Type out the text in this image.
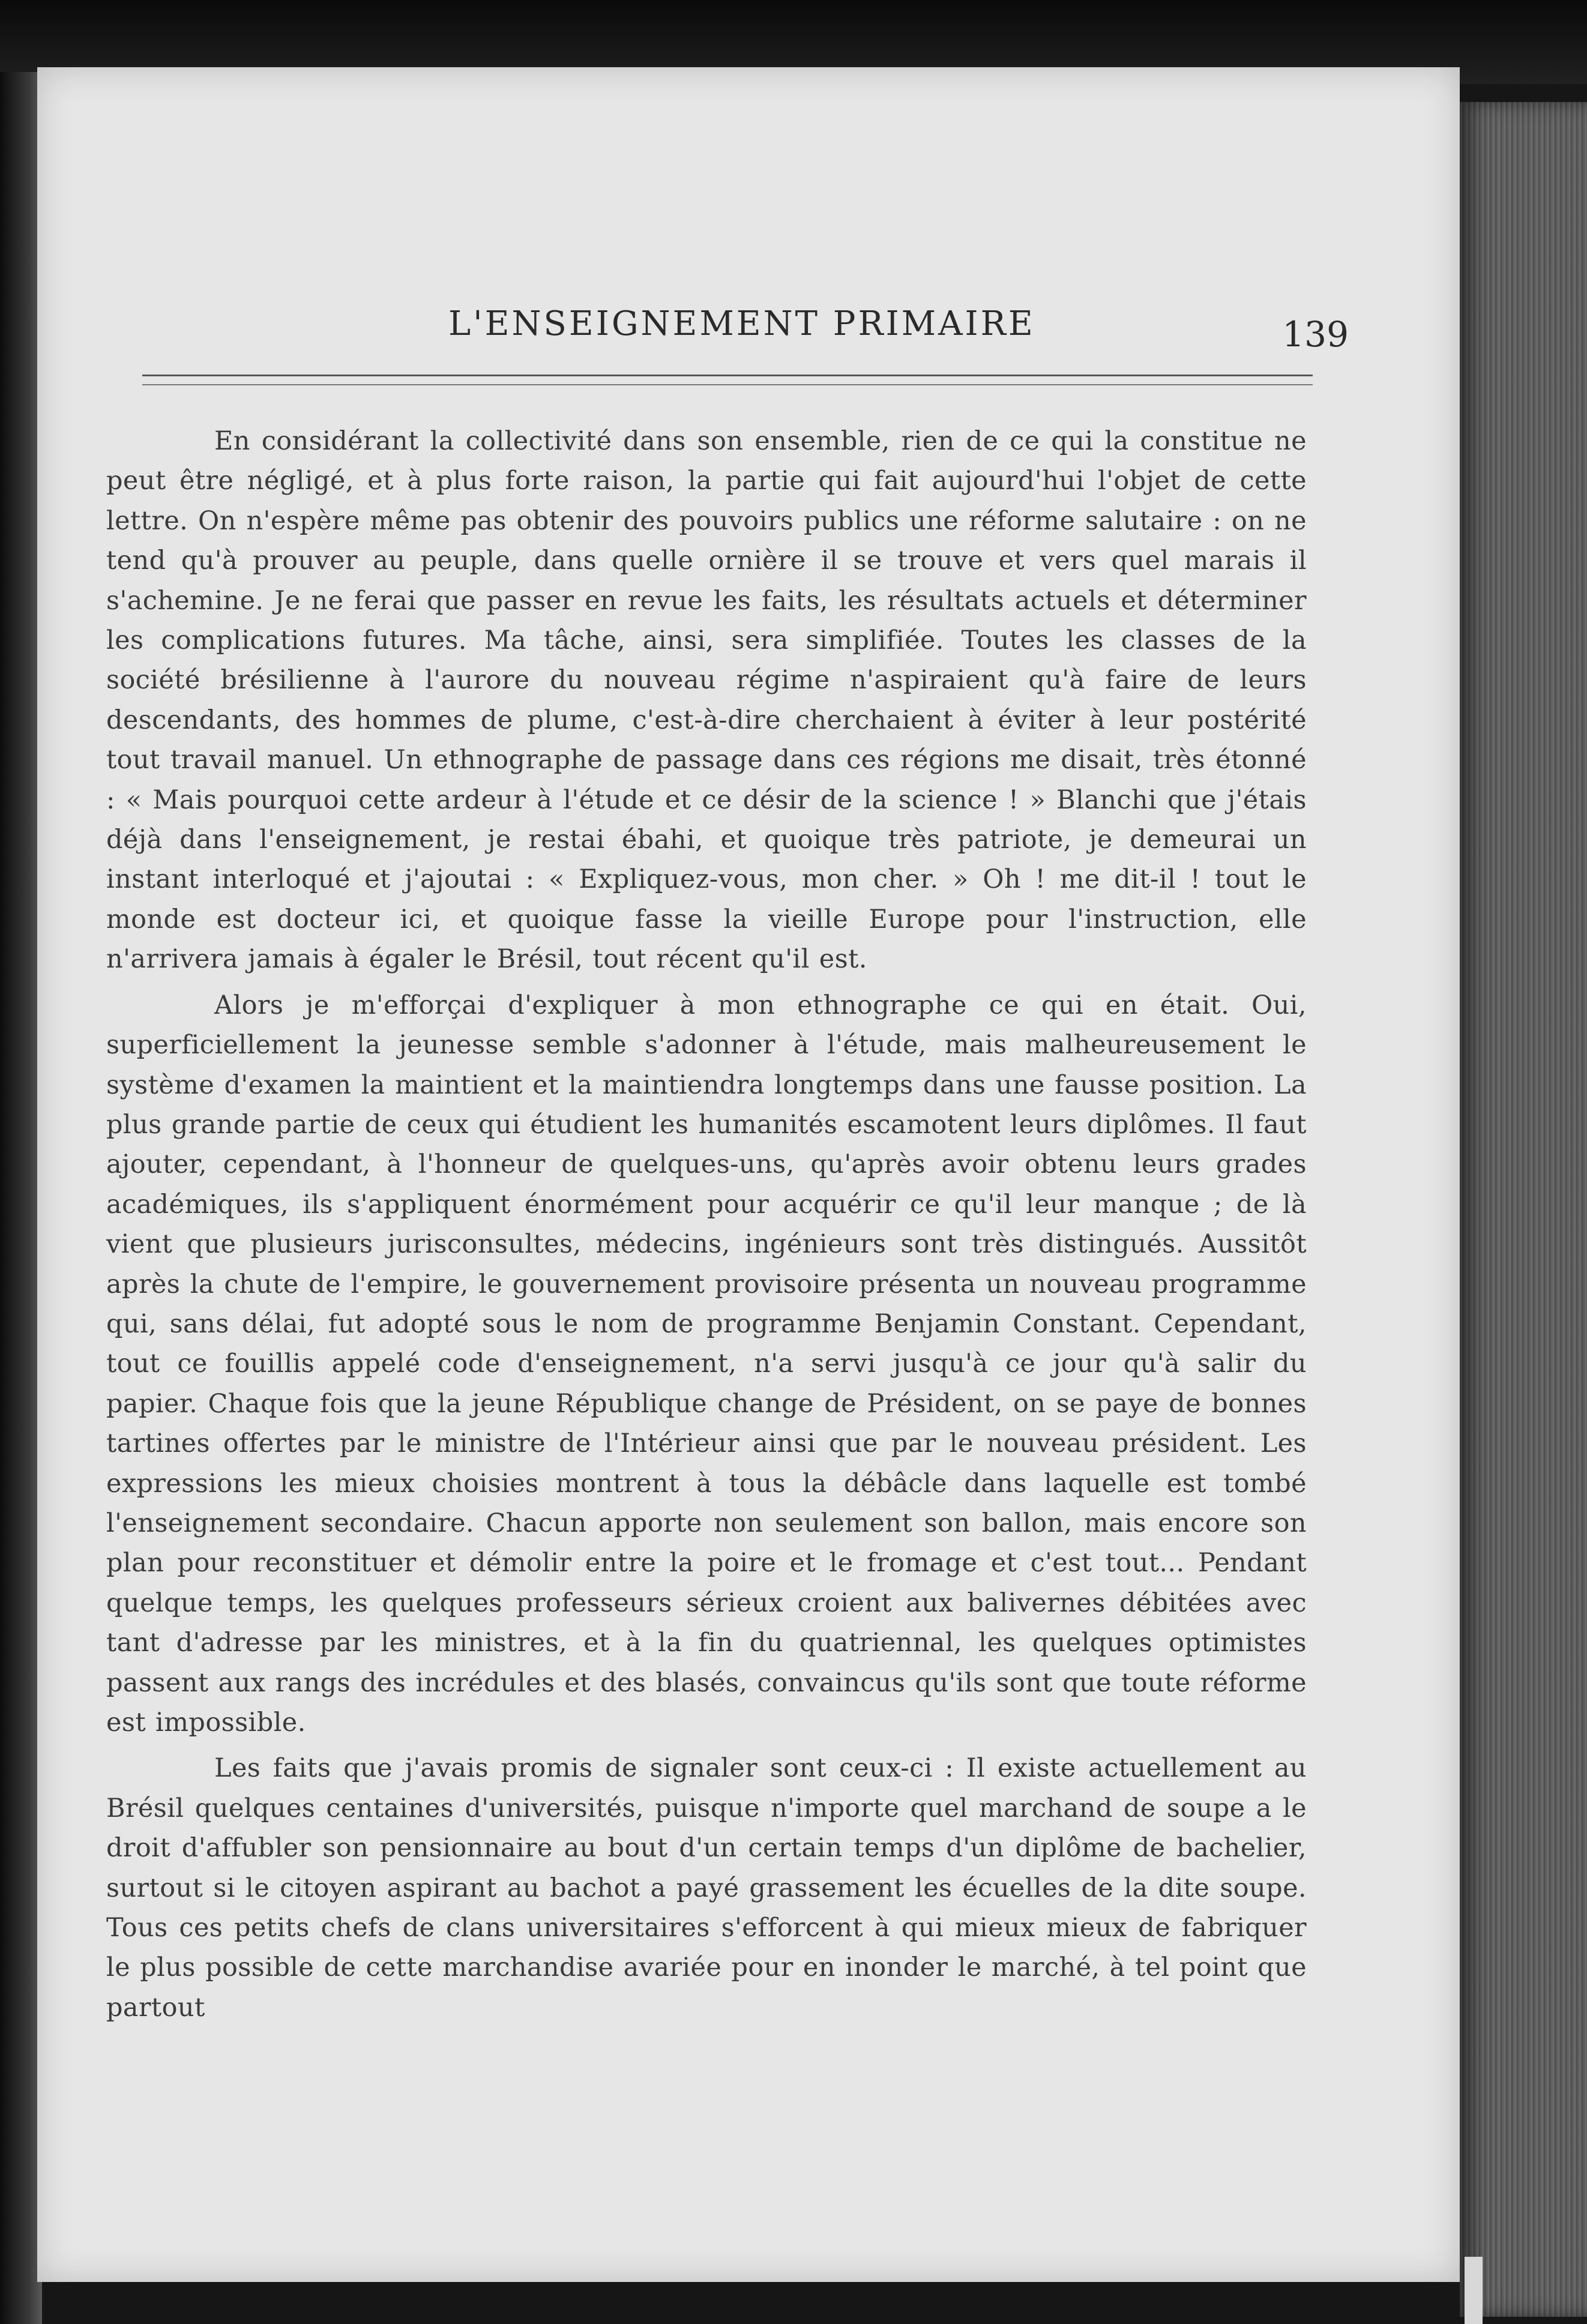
L'ENSEIGNEMENT PRIMAIRE	139

En considérant la collectivité dans son ensemble, rien de ce qui la constitue ne peut être négligé, et à plus forte raison, la partie qui fait aujourd'hui l'objet de cette lettre. On n'espère même pas obtenir des pouvoirs publics une réforme salutaire : on ne tend qu'à prouver au peuple, dans quelle ornière il se trouve et vers quel marais il s'achemine. Je ne ferai que passer en revue les faits, les résultats actuels et déterminer les complications futures. Ma tâche, ainsi, sera simplifiée. Toutes les classes de la société brésilienne à l'aurore du nouveau régime n'aspiraient qu'à faire de leurs descendants, des hommes de plume, c'est-à-dire cherchaient à éviter à leur postérité tout travail manuel. Un ethnographe de passage dans ces régions me disait, très étonné : « Mais pourquoi cette ardeur à l'étude et ce désir de la science ! » Blanchi que j'étais déjà dans l'enseignement, je restai ébahi, et quoique très patriote, je demeurai un instant interloqué et j'ajoutai : « Expliquez-vous, mon cher. » Oh ! me dit-il ! tout le monde est docteur ici, et quoique fasse la vieille Europe pour l'instruction, elle n'arrivera jamais à égaler le Brésil, tout récent qu'il est.

Alors je m'efforçai d'expliquer à mon ethnographe ce qui en était. Oui, superficiellement la jeunesse semble s'adonner à l'étude, mais malheureusement le système d'examen la maintient et la maintiendra longtemps dans une fausse position. La plus grande partie de ceux qui étudient les humanités escamotent leurs diplômes. Il faut ajouter, cependant, à l'honneur de quelques-uns, qu'après avoir obtenu leurs grades académiques, ils s'appliquent énormément pour acquérir ce qu'il leur manque ; de là vient que plusieurs jurisconsultes, médecins, ingénieurs sont très distingués. Aussitôt après la chute de l'empire, le gouvernement provisoire présenta un nouveau programme qui, sans délai, fut adopté sous le nom de programme Benjamin Constant. Cependant, tout ce fouillis appelé code d'enseignement, n'a servi jusqu'à ce jour qu'à salir du papier. Chaque fois que la jeune République change de Président, on se paye de bonnes tartines offertes par le ministre de l'Intérieur ainsi que par le nouveau président. Les expressions les mieux choisies montrent à tous la débâcle dans laquelle est tombé l'enseignement secondaire. Chacun apporte non seulement son ballon, mais encore son plan pour reconstituer et démolir entre la poire et le fromage et c'est tout... Pendant quelque temps, les quelques professeurs sérieux croient aux balivernes débitées avec tant d'adresse par les ministres, et à la fin du quatriennal, les quelques optimistes passent aux rangs des incrédules et des blasés, convaincus qu'ils sont que toute réforme est impossible.

Les faits que j'avais promis de signaler sont ceux-ci : Il existe actuellement au Brésil quelques centaines d'universités, puisque n'importe quel marchand de soupe a le droit d'affubler son pensionnaire au bout d'un certain temps d'un diplôme de bachelier, surtout si le citoyen aspirant au bachot a payé grassement les écuelles de la dite soupe. Tous ces petits chefs de clans universitaires s'efforcent à qui mieux mieux de fabriquer le plus possible de cette marchandise avariée pour en inonder le marché, à tel point que partout
